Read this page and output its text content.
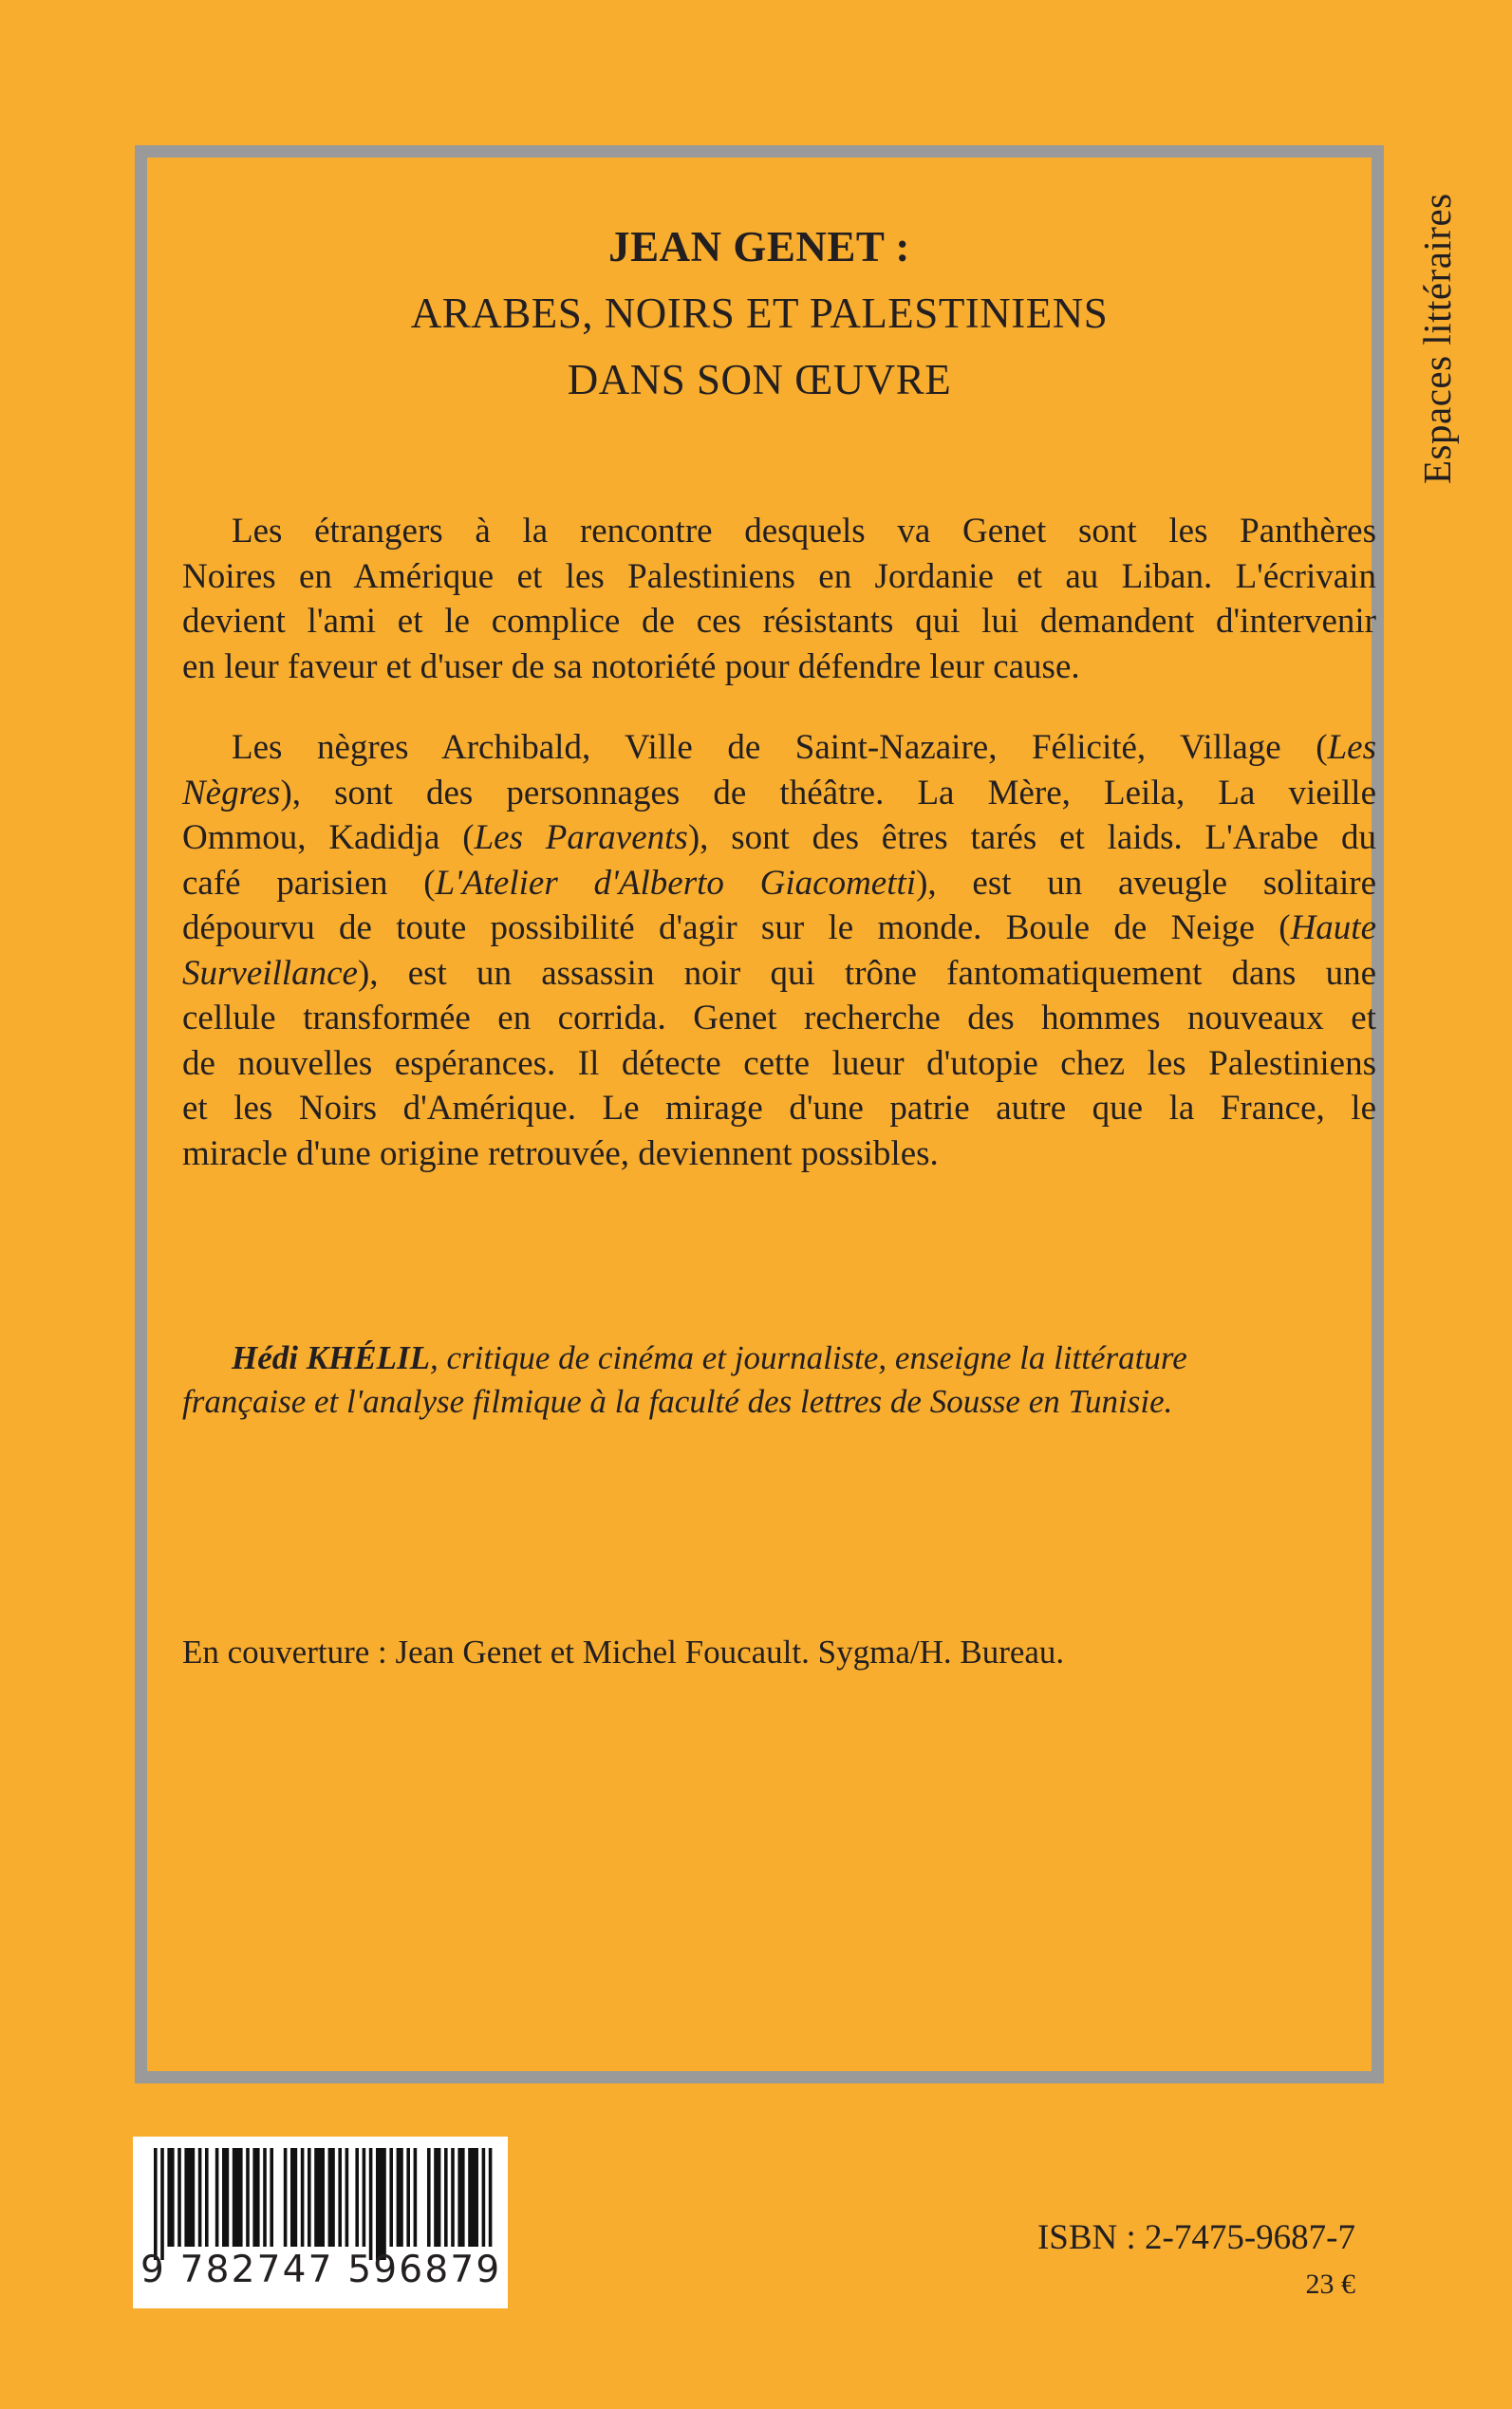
Espaces littéraires
JEAN GENET :
ARABES, NOIRS ET PALESTINIENS
DANS SON ŒUVRE
Les étrangers à la rencontre desquels va Genet sont les Panthères
Noires en Amérique et les Palestiniens en Jordanie et au Liban. L'écrivain
devient l'ami et le complice de ces résistants qui lui demandent d'intervenir
en leur faveur et d'user de sa notoriété pour défendre leur cause.
Les nègres Archibald, Ville de Saint-Nazaire, Félicité, Village (Les
Nègres), sont des personnages de théâtre. La Mère, Leila, La vieille
Ommou, Kadidja (Les Paravents), sont des êtres tarés et laids. L'Arabe du
café parisien (L'Atelier d'Alberto Giacometti), est un aveugle solitaire
dépourvu de toute possibilité d'agir sur le monde. Boule de Neige (Haute
Surveillance), est un assassin noir qui trône fantomatiquement dans une
cellule transformée en corrida. Genet recherche des hommes nouveaux et
de nouvelles espérances. Il détecte cette lueur d'utopie chez les Palestiniens
et les Noirs d'Amérique. Le mirage d'une patrie autre que la France, le
miracle d'une origine retrouvée, deviennent possibles.
Hédi KHÉLIL, critique de cinéma et journaliste, enseigne la littérature
française et l'analyse filmique à la faculté des lettres de Sousse en Tunisie.
En couverture : Jean Genet et Michel Foucault. Sygma/H. Bureau.
9 782747 596879
ISBN : 2-7475-9687-7
23 €
